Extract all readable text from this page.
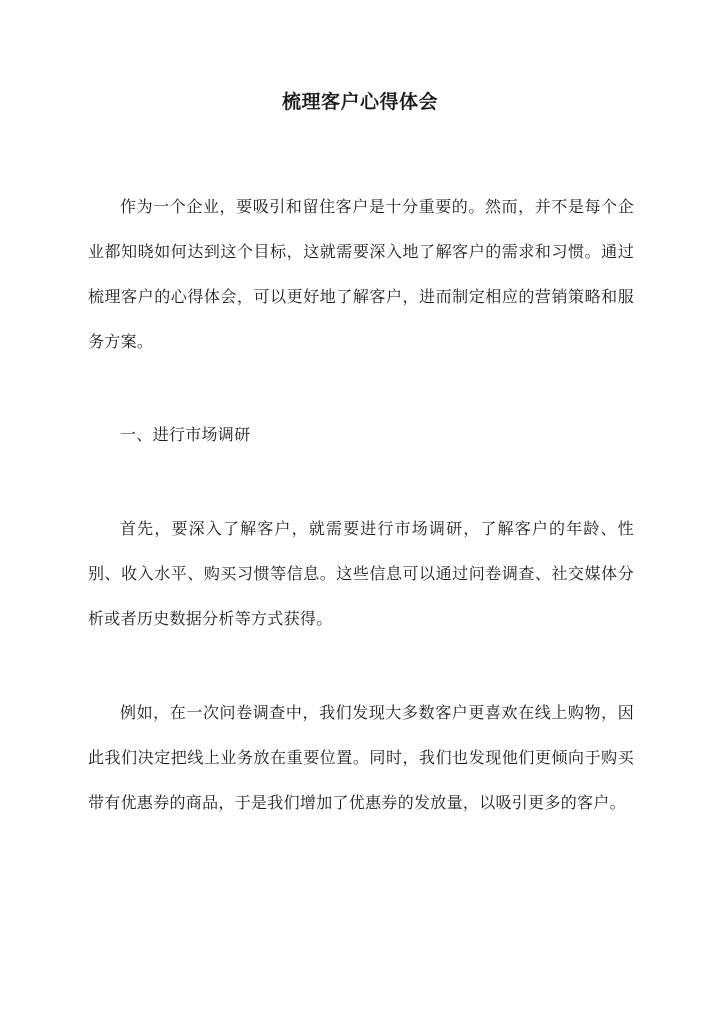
梳理客户心得体会
作为一个企业，要吸引和留住客户是十分重要的。然而，并不是每个企业都知晓如何达到这个目标，这就需要深入地了解客户的需求和习惯。通过梳理客户的心得体会，可以更好地了解客户，进而制定相应的营销策略和服务方案。
一、进行市场调研
首先，要深入了解客户，就需要进行市场调研，了解客户的年龄、性别、收入水平、购买习惯等信息。这些信息可以通过问卷调查、社交媒体分析或者历史数据分析等方式获得。
例如，在一次问卷调查中，我们发现大多数客户更喜欢在线上购物，因此我们决定把线上业务放在重要位置。同时，我们也发现他们更倾向于购买带有优惠券的商品，于是我们增加了优惠券的发放量，以吸引更多的客户。
